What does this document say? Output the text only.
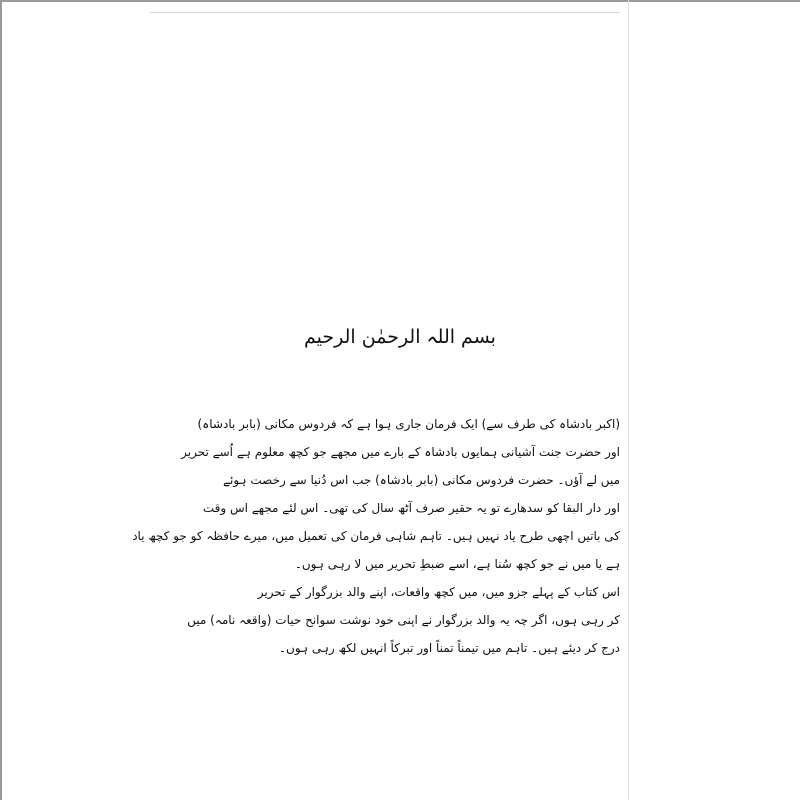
بسم اللہ الرحمٰن الرحیم
(اکبر بادشاہ کی طرف سے) ایک فرمان جاری ہوا ہے کہ فردوس مکانی (بابر بادشاہ)
اور حضرت جنت آشیانی ہمایوں بادشاہ کے بارے میں مجھے جو کچھ معلوم ہے اُسے تحریر
میں لے آؤں۔ حضرت فردوس مکانی (بابر بادشاہ) جب اس دُنیا سے رخصت ہوئے
اور دار البقا کو سدھارے تو یہ حقیر صرف آٹھ سال کی تھی۔ اس لئے مجھے اس وقت
کی باتیں اچھی طرح یاد نہیں ہیں۔ تاہم شاہی فرمان کی تعمیل میں، میرے حافظہ کو جو کچھ یاد
ہے یا میں نے جو کچھ سُنا ہے، اسے ضبطِ تحریر میں لا رہی ہوں۔
اس کتاب کے پہلے جزو میں، میں کچھ واقعات، اپنے والد بزرگوار کے تحریر
کر رہی ہوں، اگر چہ یہ والد بزرگوار نے اپنی خود نوشت سوانح حیات (واقعہ نامہ) میں
درج کر دیئے ہیں۔ تاہم میں تیمناً تمناً اور تبرکاً انہیں لکھ رہی ہوں۔
